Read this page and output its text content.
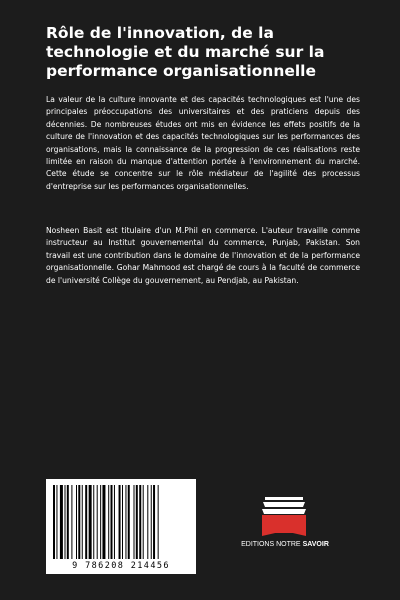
Rôle de l'innovation, de la technologie et du marché sur la performance organisationnelle

La valeur de la culture innovante et des capacités technologiques est l'une des principales préoccupations des universitaires et des praticiens depuis des décennies. De nombreuses études ont mis en évidence les effets positifs de la culture de l'innovation et des capacités technologiques sur les performances des organisations, mais la connaissance de la progression de ces réalisations reste limitée en raison du manque d'attention portée à l'environnement du marché. Cette étude se concentre sur le rôle médiateur de l'agilité des processus d'entreprise sur les performances organisationnelles.

Nosheen Basit est titulaire d'un M.Phil en commerce. L'auteur travaille comme instructeur au Institut gouvernemental du commerce, Punjab, Pakistan. Son travail est une contribution dans le domaine de l'innovation et de la performance organisationnelle. Gohar Mahmood est chargé de cours à la faculté de commerce de l'université Collège du gouvernement, au Pendjab, au Pakistan.

9 786208 214456
EDITIONS NOTRE SAVOIR
